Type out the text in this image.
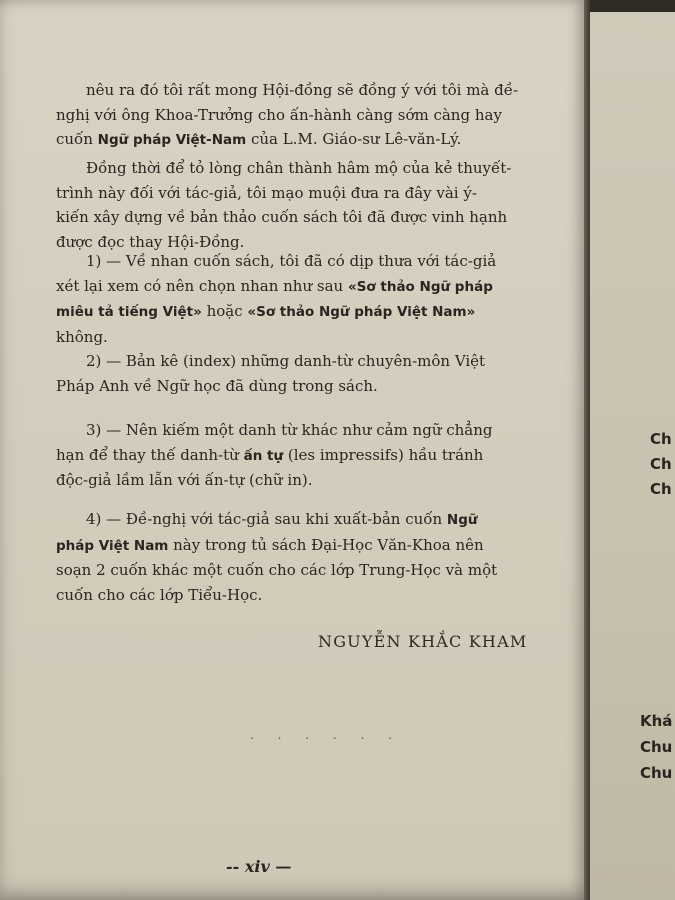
nêu ra đó tôi rất mong Hội-đồng sẽ đồng ý với tôi mà đề-
nghị với ông Khoa-Trưởng cho ấn-hành càng sớm càng hay
cuốn Ngữ pháp Việt-Nam của L.M. Giáo-sư Lê-văn-Lý.
Đồng thời để tỏ lòng chân thành hâm mộ của kẻ thuyết-
trình này đối với tác-giả, tôi mạo muội đưa ra đây vài ý-
kiến xây dựng về bản thảo cuốn sách tôi đã được vinh hạnh
được đọc thay Hội-Đồng.
1) — Về nhan cuốn sách, tôi đã có dịp thưa với tác-giả
xét lại xem có nên chọn nhan như sau «Sơ thảo Ngữ pháp
miêu tả tiếng Việt» hoặc «Sơ thảo Ngữ pháp Việt Nam»
không.
2) — Bản kê (index) những danh-từ chuyên-môn Việt
Pháp Anh về Ngữ học đã dùng trong sách.
3) — Nên kiếm một danh từ khác như cảm ngữ chẳng
hạn để thay thế danh-từ ấn tự (les impressifs) hầu tránh
độc-giả lầm lẫn với ấn-tự (chữ in).
4) — Đề-nghị với tác-giả sau khi xuất-bản cuốn Ngữ
pháp Việt Nam này trong tủ sách Đại-Học Văn-Khoa nên
soạn 2 cuốn khác một cuốn cho các lớp Trung-Học và một
cuốn cho các lớp Tiểu-Học.
NGUYỄN KHẮC KHAM
. . . . . .
-- xiv —
Ch
Ch
Ch
Khá
Chu
Chu
